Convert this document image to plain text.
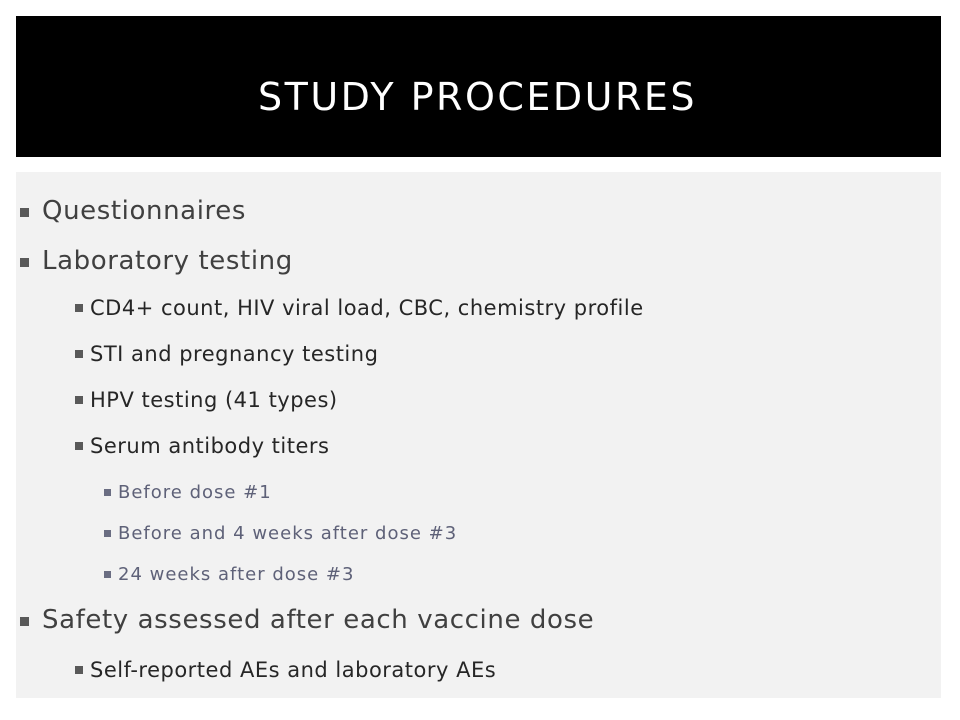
STUDY PROCEDURES
Questionnaires
Laboratory testing
CD4+ count, HIV viral load, CBC, chemistry profile
STI and pregnancy testing
HPV testing (41 types)
Serum antibody titers
Before dose #1
Before and 4 weeks after dose #3
24 weeks after dose #3
Safety assessed after each vaccine dose
Self-reported AEs and laboratory AEs
